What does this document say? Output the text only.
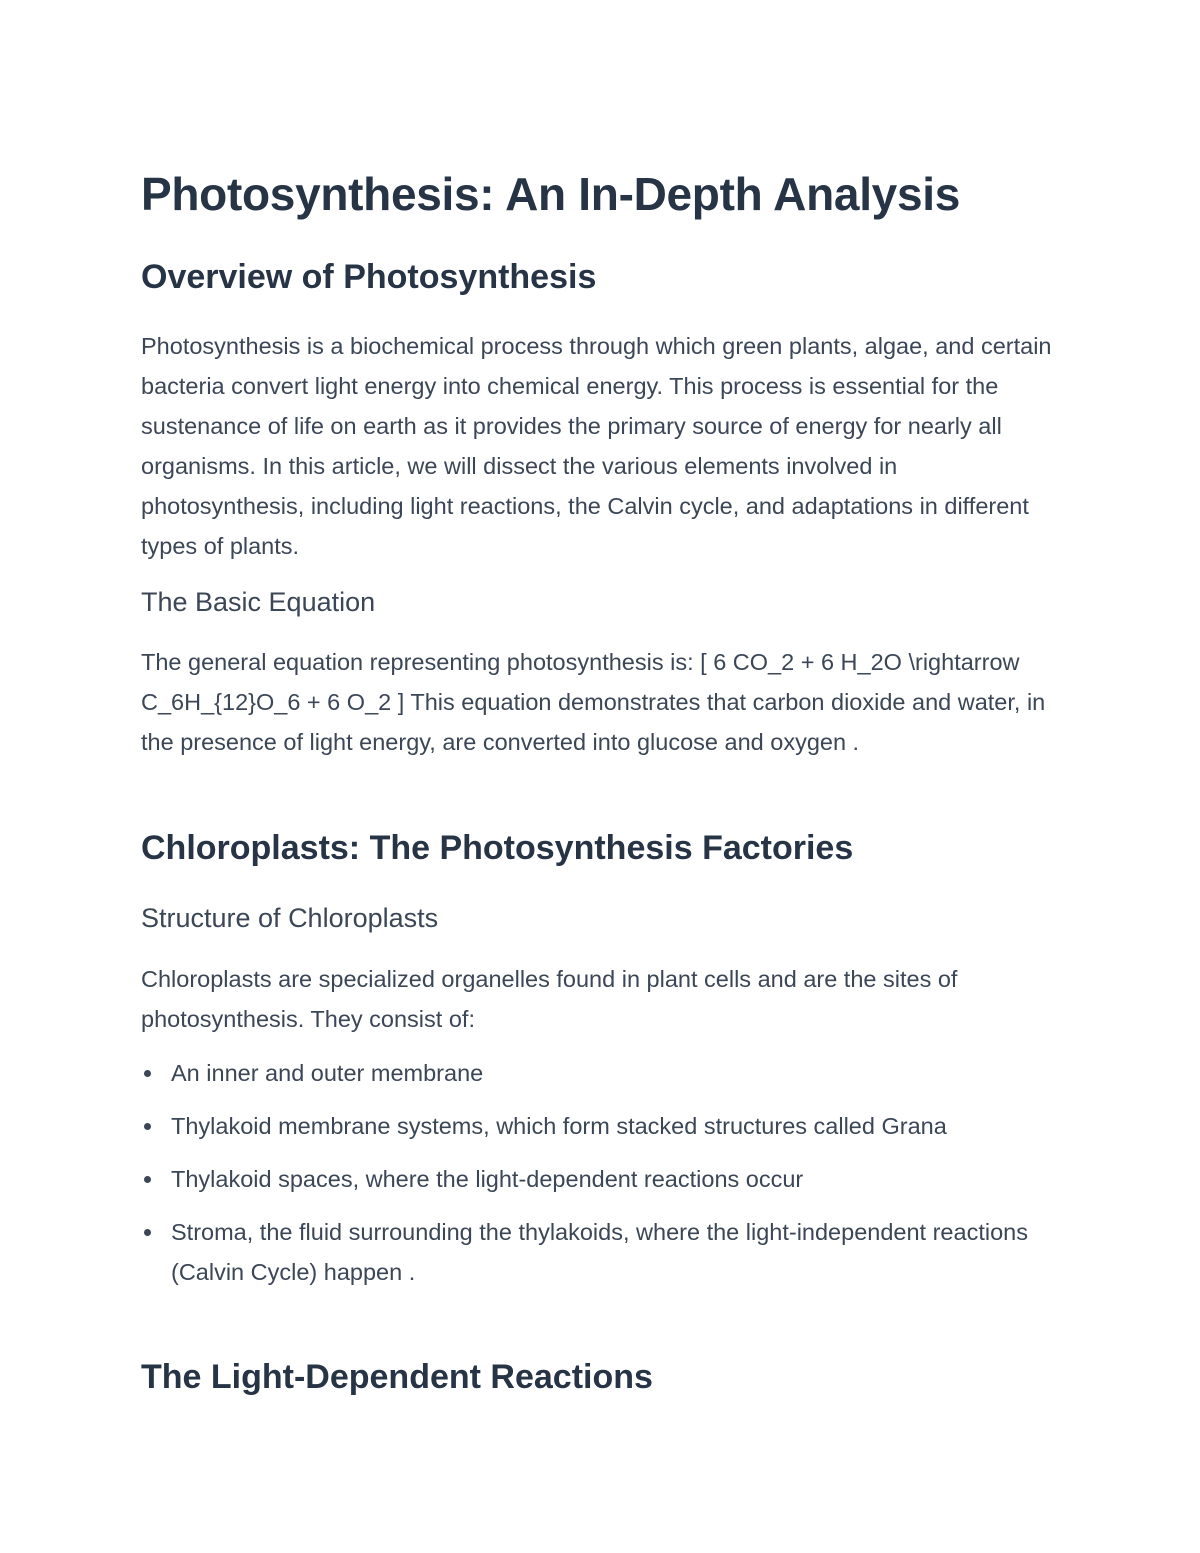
Photosynthesis: An In-Depth Analysis
Overview of Photosynthesis

Photosynthesis is a biochemical process through which green plants, algae, and certain bacteria convert light energy into chemical energy. This process is essential for the sustenance of life on earth as it provides the primary source of energy for nearly all organisms. In this article, we will dissect the various elements involved in photosynthesis, including light reactions, the Calvin cycle, and adaptations in different types of plants.

The Basic Equation

The general equation representing photosynthesis is: [ 6 CO_2 + 6 H_2O \rightarrow C_6H_{12}O_6 + 6 O_2 ] This equation demonstrates that carbon dioxide and water, in the presence of light energy, are converted into glucose and oxygen .

Chloroplasts: The Photosynthesis Factories
Structure of Chloroplasts

Chloroplasts are specialized organelles found in plant cells and are the sites of photosynthesis. They consist of:

An inner and outer membrane
Thylakoid membrane systems, which form stacked structures called Grana
Thylakoid spaces, where the light-dependent reactions occur
Stroma, the fluid surrounding the thylakoids, where the light-independent reactions (Calvin Cycle) happen .
The Light-Dependent Reactions
